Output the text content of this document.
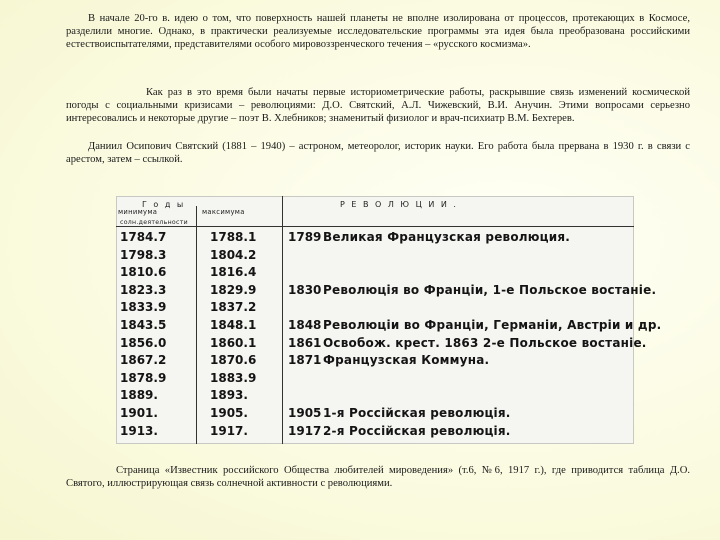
В начале 20-го в. идею о том, что поверхность нашей планеты не вполне изолирована от процессов, протекающих в Космосе, разделили многие. Однако, в практически реализуемые исследовательские программы эта идея была преобразована российскими естествоиспытателями, представителями особого мировоззренческого течения – «русского космизма».

Как раз в это время были начаты первые историометрические работы, раскрывшие связь изменений космической погоды с социальными кризисами – революциями: Д.О. Святский, А.Л. Чижевский, В.И. Анучин. Этими вопросами серьезно интересовались и некоторые другие – поэт В. Хлебников; знаменитый физиолог и врач-психиатр В.М. Бехтерев.

Даниил Осипович Святский (1881 – 1940) – астроном, метеоролог, историк науки. Его работа была прервана в 1930 г. в связи с арестом, затем – ссылкой.

Г о д ы	Р Е В О Л Ю Ц И И .
минимума	максимума
солн.деятельности
1784.7	1788.1	1789 Великая Французская революция.
1798.3	1804.2
1810.6	1816.4
1823.3	1829.9	1830 Революція во Франціи, 1-е Польское востаніе.
1833.9	1837.2
1843.5	1848.1	1848 Революціи во Франціи, Германіи, Австріи и др.
1856.0	1860.1	1861 Освобож. крест. 1863 2-е Польское востаніе.
1867.2	1870.6	1871 Французская Коммуна.
1878.9	1883.9
1889.	1893.
1901.	1905.	1905 1-я Россійская революція.
1913.	1917.	1917 2-я Россійская революція.

Страница «Известник российского Общества любителей мироведения» (т.6, №6, 1917 г.), где приводится таблица Д.О. Святого, иллюстрирующая связь солнечной активности с революциями.
